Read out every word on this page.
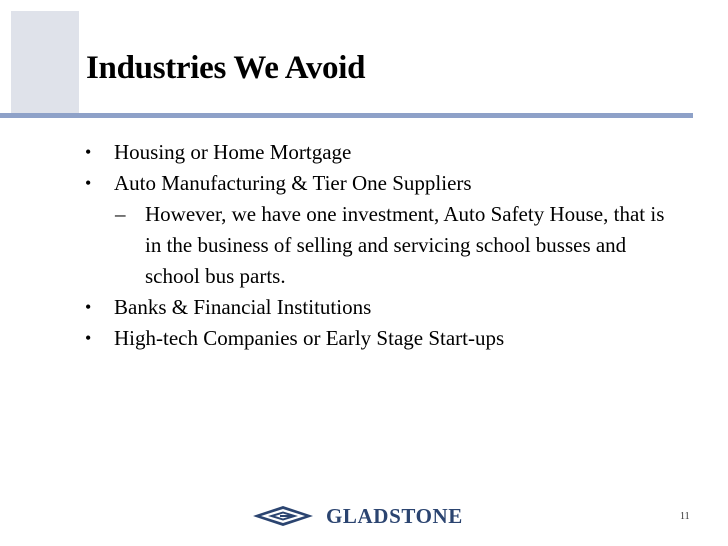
Industries We Avoid
• Housing or Home Mortgage
• Auto Manufacturing & Tier One Suppliers
– However, we have one investment, Auto Safety House, that is in the business of selling and servicing school busses and school bus parts.
• Banks & Financial Institutions
• High-tech Companies or Early Stage Start-ups
GLADSTONE	11
